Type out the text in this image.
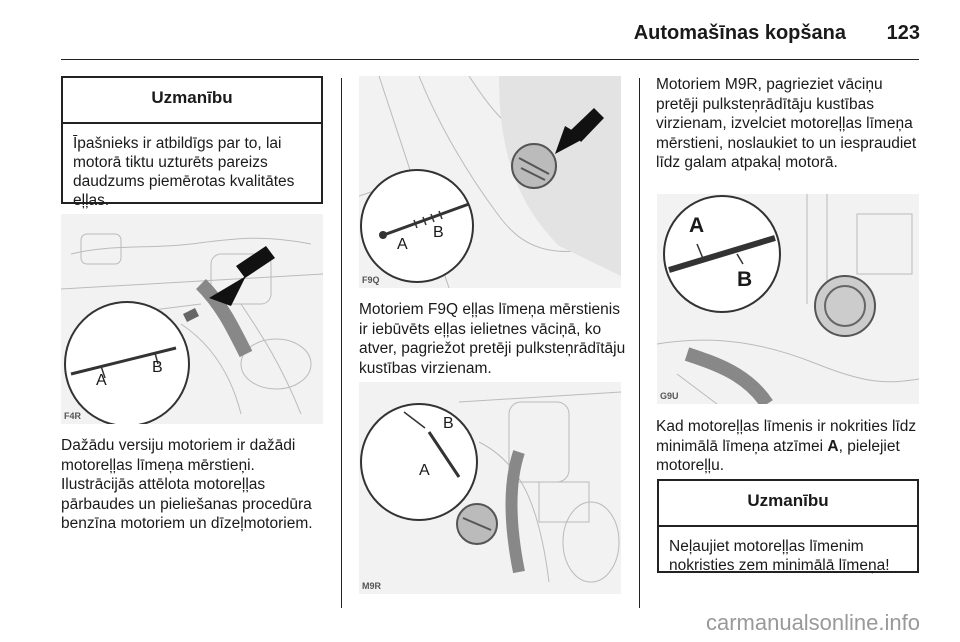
Automašīnas kopšana 123
Uzmanību
Īpašnieks ir atbildīgs par to, lai motorā tiktu uzturēts pareizs daudzums piemērotas kvalitātes eļļas.
A
B
F4R
Dažādu versiju motoriem ir dažādi motoreļļas līmeņa mērstieņi. Ilustrācijās attēlota motoreļļas pārbaudes un pieliešanas procedūra benzīna motoriem un dīzeļmotoriem.
A
B
F9Q
Motoriem F9Q eļļas līmeņa mērstienis ir iebūvēts eļļas ielietnes vāciņā, ko atver, pagriežot pretēji pulksteņrādītāju kustības virzienam.
A
B
M9R
Motoriem M9R, pagrieziet vāciņu pretēji pulksteņrādītāju kustības virzienam, izvelciet motoreļļas līmeņa mērstieni, noslaukiet to un iespraudiet līdz galam atpakaļ motorā.
A
B
G9U
Kad motoreļļas līmenis ir nokrities līdz minimālā līmeņa atzīmei A, pielejiet motoreļļu.
Uzmanību
Neļaujiet motoreļļas līmenim nokristies zem minimālā līmeņa!
carmanualsonline.info
